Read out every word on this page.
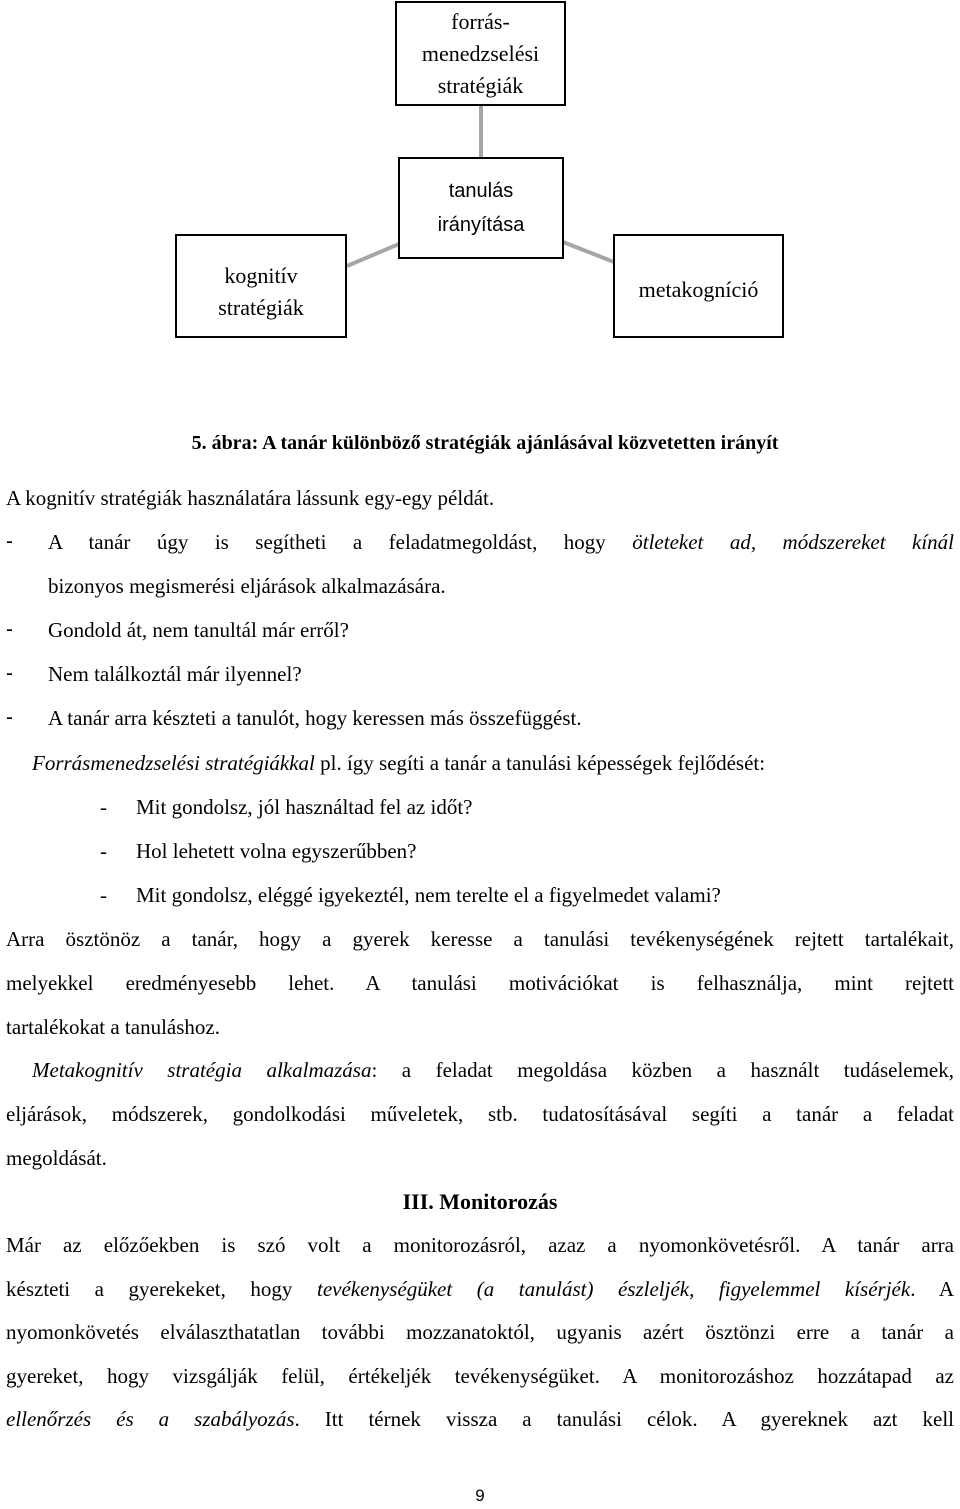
forrás-
menedzselési
stratégiák
tanulás
irányítása
kognitív
stratégiák
metakogníció
5. ábra: A tanár különböző stratégiák ajánlásával közvetetten irányít
A kognitív stratégiák használatára lássunk egy-egy példát.
- A tanár úgy is segítheti a feladatmegoldást, hogy ötleteket ad, módszereket kínál
bizonyos megismerési eljárások alkalmazására.
- Gondold át, nem tanultál már erről?
- Nem találkoztál már ilyennel?
- A tanár arra készteti a tanulót, hogy keressen más összefüggést.
Forrásmenedzselési stratégiákkal pl. így segíti a tanár a tanulási képességek fejlődését:
- Mit gondolsz, jól használtad fel az időt?
- Hol lehetett volna egyszerűbben?
- Mit gondolsz, eléggé igyekeztél, nem terelte el a figyelmedet valami?
Arra ösztönöz a tanár, hogy a gyerek keresse a tanulási tevékenységének rejtett tartalékait,
melyekkel eredményesebb lehet. A tanulási motivációkat is felhasználja, mint rejtett
tartalékokat a tanuláshoz.
Metakognitív stratégia alkalmazása: a feladat megoldása közben a használt tudáselemek,
eljárások, módszerek, gondolkodási műveletek, stb. tudatosításával segíti a tanár a feladat
megoldását.
III. Monitorozás
Már az előzőekben is szó volt a monitorozásról, azaz a nyomonkövetésről. A tanár arra
készteti a gyerekeket, hogy tevékenységüket (a tanulást) észleljék, figyelemmel kísérjék. A
nyomonkövetés elválaszthatatlan további mozzanatoktól, ugyanis azért ösztönzi erre a tanár a
gyereket, hogy vizsgálják felül, értékeljék tevékenységüket. A monitorozáshoz hozzátapad az
ellenőrzés és a szabályozás. Itt térnek vissza a tanulási célok. A gyereknek azt kell
9
